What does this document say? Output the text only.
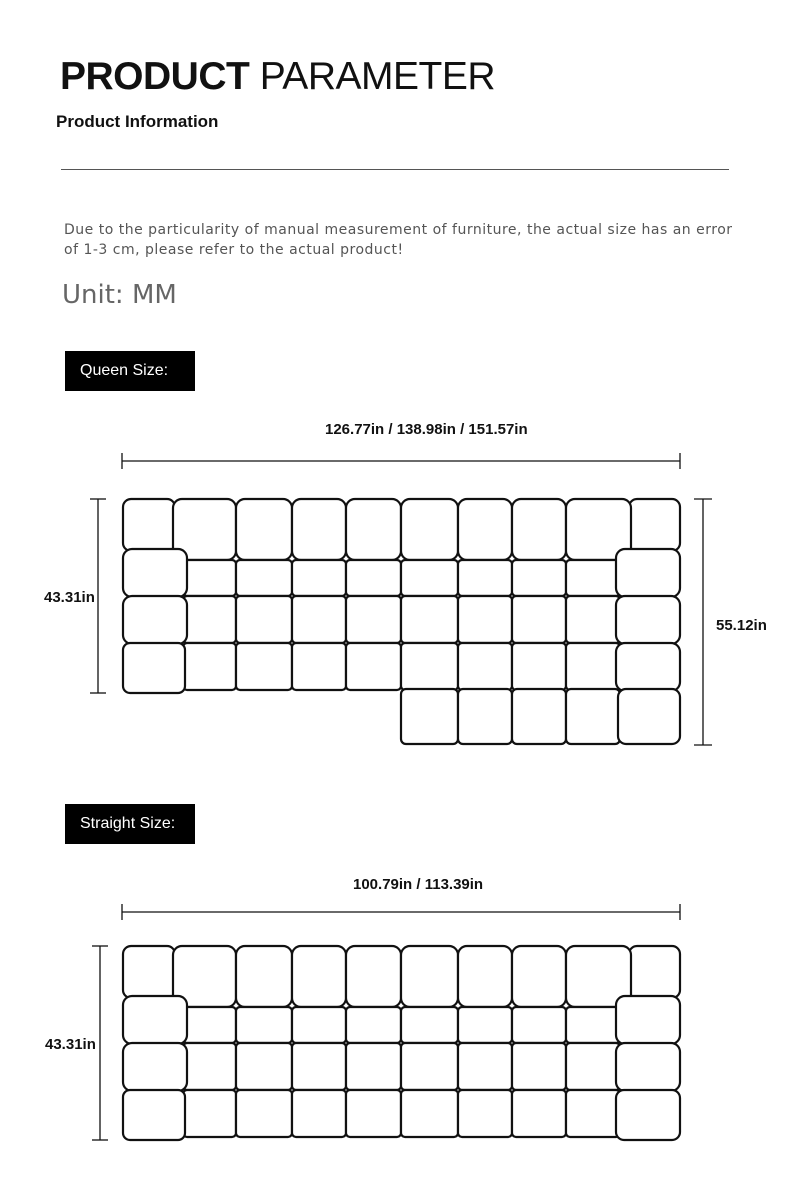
PRODUCT PARAMETER
Product Information
Due to the particularity of manual measurement of furniture, the actual size has an error of 1-3 cm, please refer to the actual product!
Unit: MM
Queen Size:
126.77in / 138.98in / 151.57in
43.31in
55.12in
Straight Size:
100.79in / 113.39in
43.31in
